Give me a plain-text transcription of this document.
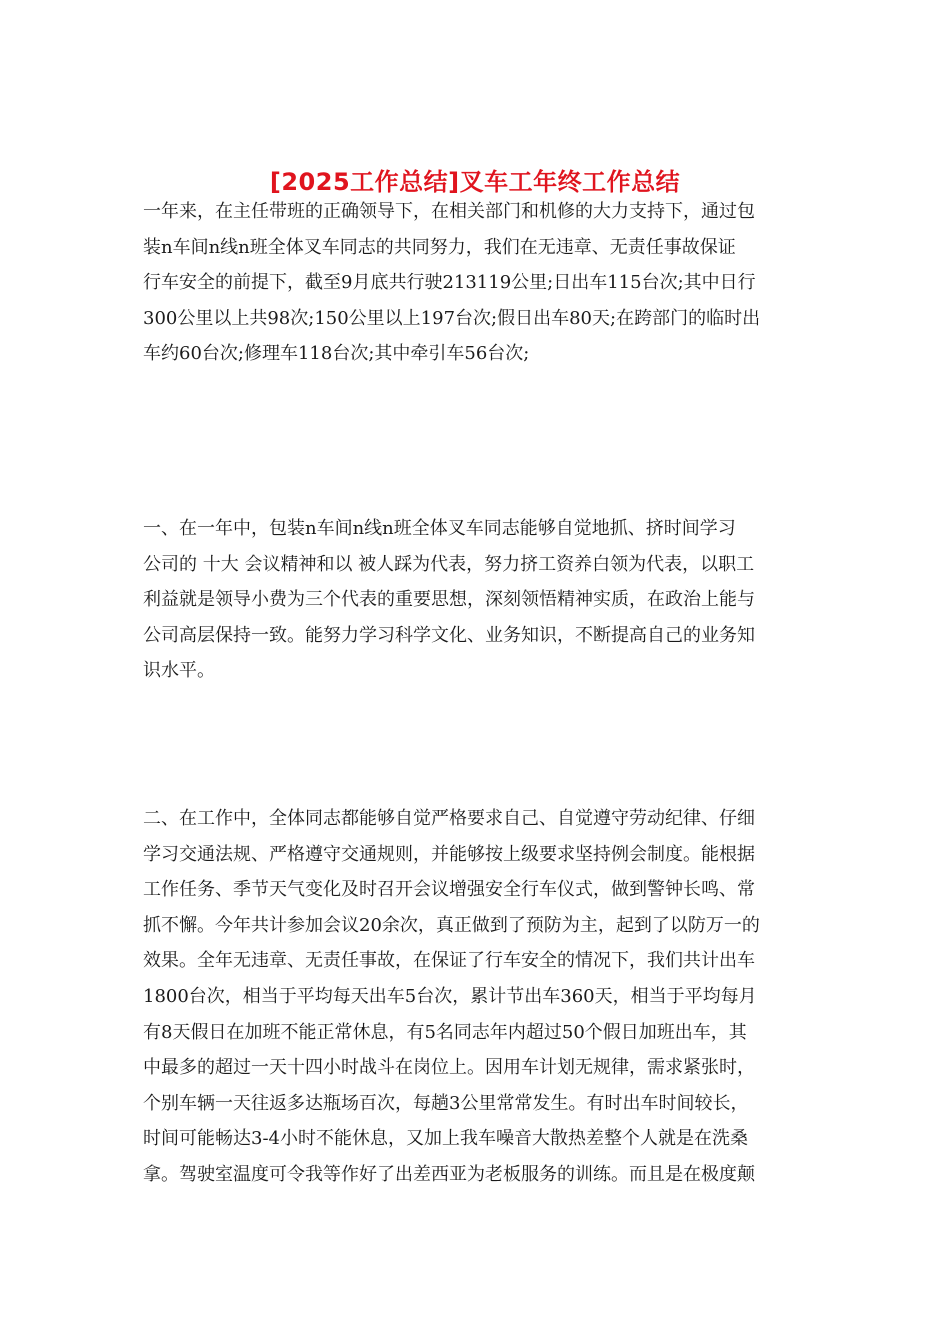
[2025工作总结]叉车工年终工作总结

一年来，在主任带班的正确领导下，在相关部门和机修的大力支持下，通过包
装n车间n线n班全体叉车同志的共同努力，我们在无违章、无责任事故保证
行车安全的前提下，截至9月底共行驶213119公里;日出车115台次;其中日行
300公里以上共98次;150公里以上197台次;假日出车80天;在跨部门的临时出
车约60台次;修理车118台次;其中牵引车56台次;

一、在一年中，包装n车间n线n班全体叉车同志能够自觉地抓、挤时间学习
公司的 十大 会议精神和以 被人踩为代表，努力挤工资养白领为代表，以职工
利益就是领导小费为三个代表的重要思想，深刻领悟精神实质，在政治上能与
公司高层保持一致。能努力学习科学文化、业务知识，不断提高自己的业务知
识水平。

二、在工作中，全体同志都能够自觉严格要求自己、自觉遵守劳动纪律、仔细
学习交通法规、严格遵守交通规则，并能够按上级要求坚持例会制度。能根据
工作任务、季节天气变化及时召开会议增强安全行车仪式，做到警钟长鸣、常
抓不懈。今年共计参加会议20余次，真正做到了预防为主，起到了以防万一的
效果。全年无违章、无责任事故，在保证了行车安全的情况下，我们共计出车
1800台次，相当于平均每天出车5台次，累计节出车360天，相当于平均每月
有8天假日在加班不能正常休息，有5名同志年内超过50个假日加班出车，其
中最多的超过一天十四小时战斗在岗位上。因用车计划无规律，需求紧张时，
个别车辆一天往返多达瓶场百次，每趟3公里常常发生。有时出车时间较长，
时间可能畅达3-4小时不能休息，又加上我车噪音大散热差整个人就是在洗桑
拿。驾驶室温度可令我等作好了出差西亚为老板服务的训练。而且是在极度颠
